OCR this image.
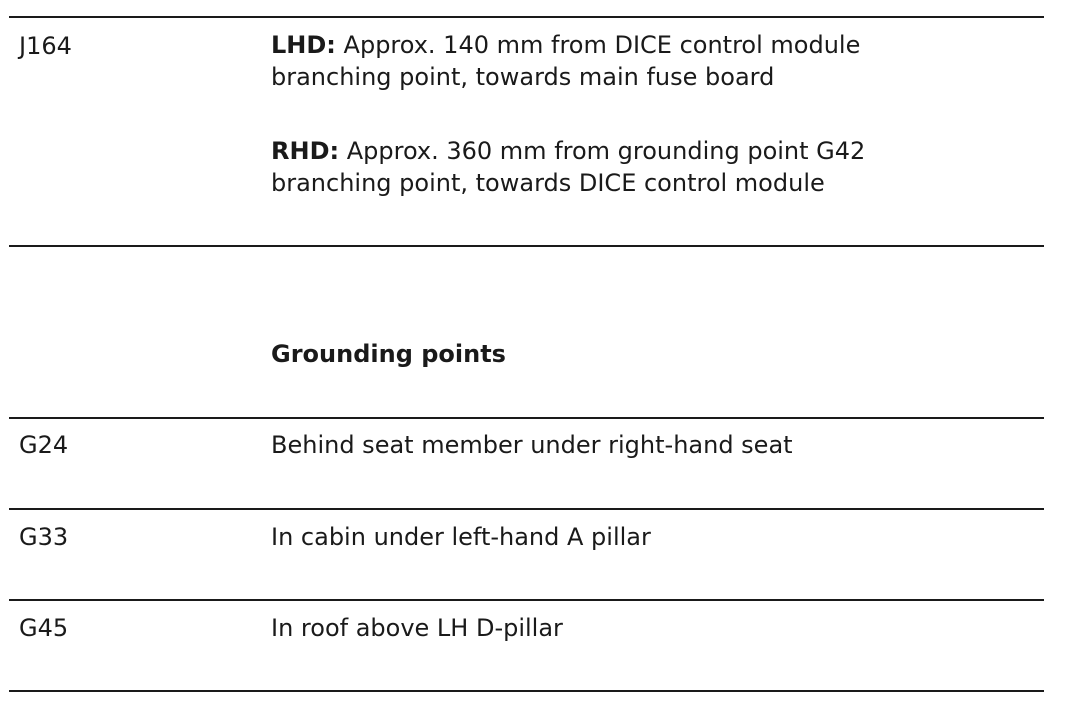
J164	LHD: Approx. 140 mm from DICE control module
branching point, towards main fuse board
RHD: Approx. 360 mm from grounding point G42
branching point, towards DICE control module
Grounding points
G24	Behind seat member under right-hand seat
G33	In cabin under left-hand A pillar
G45	In roof above LH D-pillar
